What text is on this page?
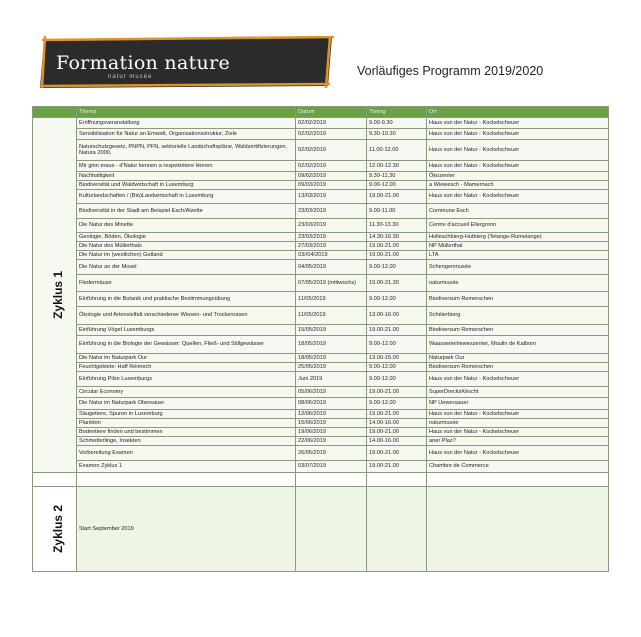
Formation nature
natur musée	Vorläufiges Programm 2019/2020
	Thema	Datum	Timing	Ort
Zyklus 1	Eröffnungsveranstaltung	02/02/2019	9.00-9.30	Haus vun der Natur - Kockelscheuer
	Sensibilisation für Natur an Emwelt, Organisationsstruktur, Ziele	02/02/2019	9.30-10.30	Haus vun der Natur - Kockelscheuer
	Naturschutzgesetz, PNPN, PFN, sektorielle Landschaftspläne, Waldzertifizierungen, Natura 2000,	02/02/2019	11.00-12.00	Haus vun der Natur - Kockelscheuer
	Mir ginn eraus - d'Natur kennen a respektéiere léieren	02/02/2019	12.00-12.30	Haus vun der Natur - Kockelscheuer
	Nachhaltigkeit	09/02/2019	9.30-11.30	Ökozenter
	Biodiversität und Waldwirtschaft in Luxemburg	09/03/2019	9.00-12.00	a Wiewesch - Mamernach
	Kulturlandschaften / (Bio)Landwirtschaft in Luxemburg	13/03/2019	19.00-21.00	Haus vun der Natur - Kockelscheuer
	Biodiversität in der Stadt am Beispiel Esch/Alzette	23/03/2019	9.00-11.00	Commune Esch
	Die Natur des Minette	23/03/2019	11.30-13.30	Centre d'accueil Ellergronn
	Geologie, Böden, Ökologie	23/03/2019	14.30-16.30	Holleschbierg-Hutbierg (Tetange-Rumelange)
	Die Natur des Müllerthals	27/03/2019	19.00-21.00	NP Müllerthal
	Die Natur im (westlichen) Gutland	03//04/2019	19.00-21.00	LTA
	Die Natur an der Mosel	04/05/2019	9.00-12.00	Schengenmusée
	Fledermäuse	07/05/2019 (mittwochs)	19.00-21.30	naturmusée
	Einführung in die Botanik und praktische Bestimmungsübung	11/05/2019	9.00-12.00	Biodiversum Remerschen
	Ökologie und Artenvielfalt verschiedener Wiesen- und Trockenrasen	11/05/2019	13.00-16.00	Schéierbierg
	Einführung Vögel Luxemburgs	15/05/2019	19.00-21.00	Biodiversum Remerschen
	Einführung in die Biologie der Gewässer: Quellen, Fließ- und Stillgewässer	18/05/2019	9.00-12.00	Waasserierlieweszenter, Moulin de Kalborn
	Die Natur im Naturpark Our	18/05/2019	13.00-15.00	Naturpark Our
	Feuchtgebiete: Haff Réimech	25/05/2019	9.00-12.00	Biodiversum Remerschen
	Einführung Pilze Luxemburgs	Juni 2019	9.00-12.00	Haus vun der Natur - Kockelscheuer
	Circular Economy	05/06/2019	19.00-21.00	SuperDrecksKëscht
	Die Natur im Naturpark Obersauer	08/06/2019	9.00-12.00	NP Uewersauer
	Säugetiere, Spuren in Luxemburg	12/06/2019	19.00-21.00	Haus vun der Natur - Kockelscheuer
	Plankton	15/06/2019	14.00-16.00	naturmusée
	Bodentiere finden und bestimmen	19/06/2019	19.00-21.00	Haus vun der Natur - Kockelscheuer
	Schmetterlinge, Insekten	22/06/2019	14.00-16.00	aner Plaz?
	Vorbereitung Examen	26/06/2019	19.00-21.00	Haus vun der Natur - Kockelscheuer
	Examen Zyklus 1	03/07/2019	19.00-21.00	Chambre de Commerce

Zyklus 2	Start September 2019			
